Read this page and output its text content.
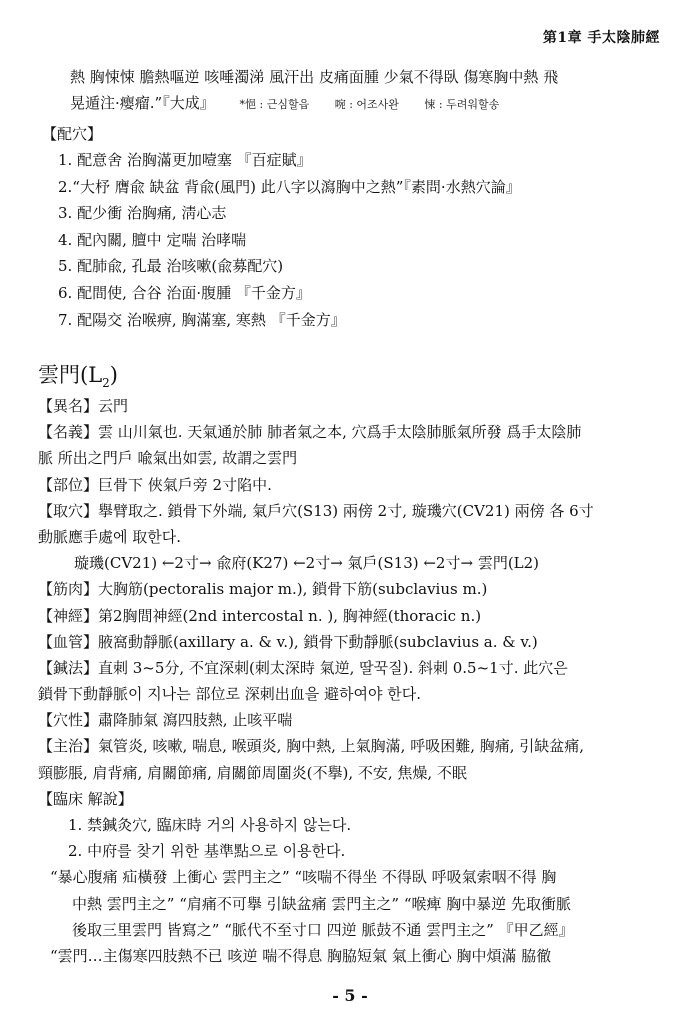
第1章 手太陰肺經
熱 胸悚悚 膽熱嘔逆 咳唾濁涕 風汗出 皮痛面腫 少氣不得臥 傷寒胸中熱 飛
晃遁注·瘿瘤.”『大成』 *悒 : 근심할읍 啘 : 어조사완 悚 : 두려워할송
【配穴】
1. 配意舍 治胸滿更加噎塞 『百症賦』
2.“大杼 膺兪 缺盆 背兪(風門) 此八字以瀉胸中之熱”『素問·水熱穴論』
3. 配少衝 治胸痛, 淸心志
4. 配內關, 膻中 定喘 治哮喘
5. 配肺兪, 孔最 治咳嗽(兪募配穴)
6. 配間使, 合谷 治面·腹腫 『千金方』
7. 配陽交 治喉痹, 胸滿塞, 寒熱 『千金方』
雲門$(L_2)$
【異名】云門
【名義】雲 山川氣也. 天氣通於肺 肺者氣之本, 穴爲手太陰肺脈氣所發 爲手太陰肺
脈 所出之門戶 喩氣出如雲, 故謂之雲門
【部位】巨骨下 俠氣戶旁 2寸陷中.
【取穴】擧臂取之. 鎖骨下外端, 氣戶穴(S13) 兩傍 2寸, 璇璣穴(CV21) 兩傍 各 6寸
動脈應手處에 取한다.
璇璣(CV21) ←2寸→ 兪府(K27) ←2寸→ 氣戶(S13) ←2寸→ 雲門(L2)
【筋肉】大胸筋(pectoralis major m.), 鎖骨下筋(subclavius m.)
【神經】第2胸間神經(2nd intercostal n. ), 胸神經(thoracic n.)
【血管】腋窩動靜脈(axillary a. & v.), 鎖骨下動靜脈(subclavius a. & v.)
【鍼法】直刺 3~5分, 不宜深刺(刺太深時 氣逆, 딸꾹질). 斜刺 0.5~1寸. 此穴은
鎖骨下動靜脈이 지나는 部位로 深刺出血을 避하여야 한다.
【穴性】肅降肺氣 瀉四肢熱, 止咳平喘
【主治】氣管炎, 咳嗽, 喘息, 喉頭炎, 胸中熱, 上氣胸滿, 呼吸困難, 胸痛, 引缺盆痛,
頸膨脹, 肩背痛, 肩關節痛, 肩關節周圍炎(不擧), 不安, 焦燥, 不眠
【臨床 解說】
1. 禁鍼灸穴, 臨床時 거의 사용하지 않는다.
2. 中府를 찾기 위한 基準點으로 이용한다.
“暴心腹痛 疝橫發 上衝心 雲門主之” “咳喘不得坐 不得臥 呼吸氣索咽不得 胸
中熱 雲門主之” “肩痛不可擧 引缺盆痛 雲門主之” “喉痺 胸中暴逆 先取衝脈
後取三里雲門 皆寫之” “脈代不至寸口 四逆 脈鼓不通 雲門主之” 『甲乙經』
“雲門…主傷寒四肢熱不已 咳逆 喘不得息 胸脇短氣 氣上衝心 胸中煩滿 脇徹
- 5 -
